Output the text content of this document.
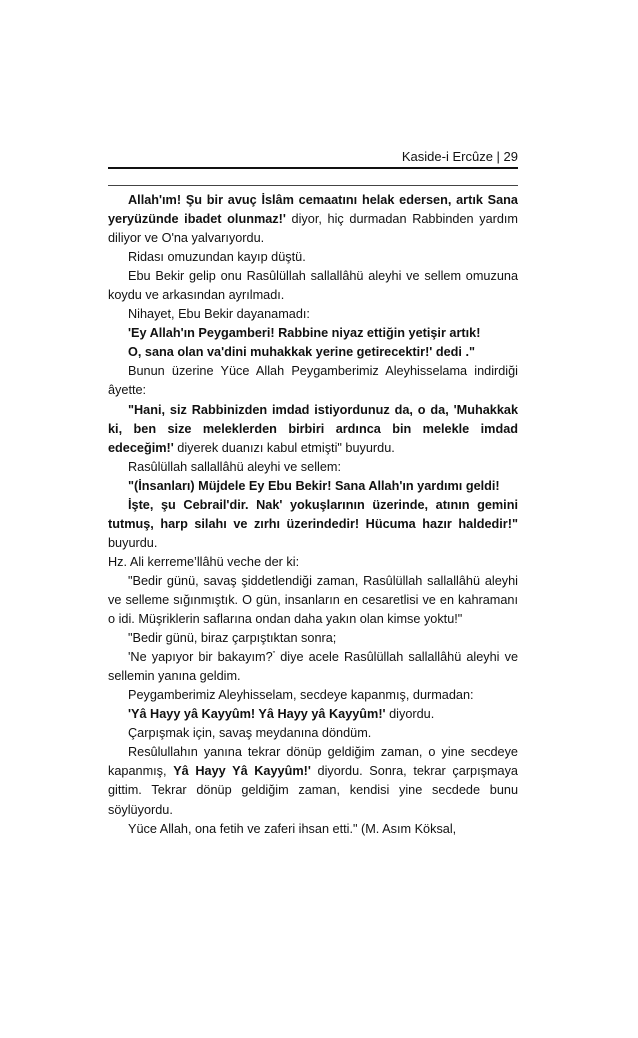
Kaside-i Ercûze | 29

Allah'ım! Şu bir avuç İslâm cemaatını helak edersen, artık Sana yeryüzünde ibadet olunmaz!' diyor, hiç durmadan Rabbinden yardım diliyor ve O'na yalvarıyordu.

Ridası omuzundan kayıp düştü.

Ebu Bekir gelip onu Rasûlüllah sallallâhü aleyhi ve sellem omuzuna koydu ve arkasından ayrılmadı.

Nihayet, Ebu Bekir dayanamadı:

'Ey Allah'ın Peygamberi! Rabbine niyaz ettiğin yetişir artık!

O, sana olan va'dini muhakkak yerine getirecektir!' dedi ."

Bunun üzerine Yüce Allah Peygamberimiz Aleyhisselama indirdiği âyette:

"Hani, siz Rabbinizden imdad istiyordunuz da, o da, 'Muhakkak ki, ben size meleklerden birbiri ardınca bin melekle imdad edeceğim!' diyerek duanızı kabul etmişti" buyurdu.

Rasûlüllah sallallâhü aleyhi ve sellem:

"(İnsanları) Müjdele Ey Ebu Bekir! Sana Allah'ın yardımı geldi!

İşte, şu Cebrail'dir. Nak' yokuşlarının üzerinde, atının gemini tutmuş, harp silahı ve zırhı üzerindedir! Hücuma hazır haldedir!" buyurdu.

Hz. Ali kerreme’llâhü veche der ki:

"Bedir günü, savaş şiddetlendiği zaman, Rasûlüllah sallallâhü aleyhi ve selleme sığınmıştık. O gün, insanların en cesaretlisi ve en kahramanı o idi. Müşriklerin saflarına ondan daha yakın olan kimse yoktu!"

"Bedir günü, biraz çarpıştıktan sonra;

'Ne yapıyor bir bakayım?" diye acele Rasûlüllah sallallâhü aleyhi ve sellemin yanına geldim.

Peygamberimiz Aleyhisselam, secdeye kapanmış, durmadan:

'Yâ Hayy yâ Kayyûm! Yâ Hayy yâ Kayyûm!' diyordu.

Çarpışmak için, savaş meydanına döndüm.

Resûlullahın yanına tekrar dönüp geldiğim zaman, o yine secdeye kapanmış, Yâ Hayy Yâ Kayyûm!' diyordu. Sonra, tekrar çarpışmaya gittim. Tekrar dönüp geldiğim zaman, kendisi yine secdede bunu söylüyordu.

Yüce Allah, ona fetih ve zaferi ihsan etti." (M. Asım Köksal,
